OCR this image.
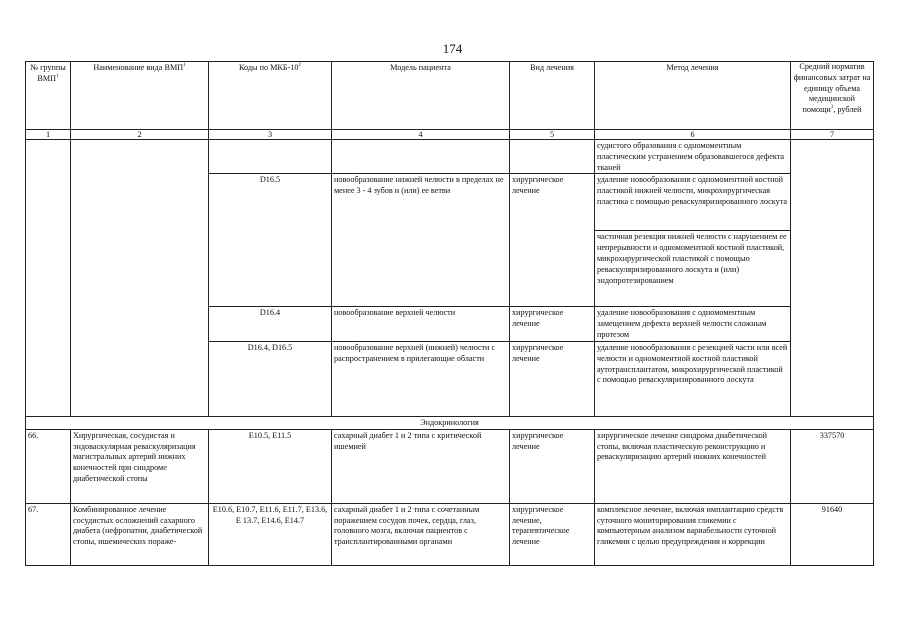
174
№ группы ВМП$^1$	Наименование вида ВМП$^1$	Коды по МКБ-$10^2$	Модель пациента	Вид лечения	Метод лечения	Средний норматив финансовых затрат на единицу объема медицинской помощи$^3$, рублей
1	2	3	4	5	6	7
					судистого образования с одномоментным пластическим устранением образовавшегося дефекта тканей	
		D16.5	новообразование нижней челюсти в пределах не менее 3 - 4 зубов и (или) ее ветви	хирургическое лечение	удаление новообразования с одномоментной костной пластикой нижней челюсти, микрохирургическая пластика с помощью реваскуляризированного лоскута	
					частичная резекция нижней челюсти с нарушением ее непрерывности и одномоментной костной пластикой, микрохирургической пластикой с помощью реваскуляризированного лоскута и (или) эндопротезированием	
		D16.4	новообразование верхней челюсти	хирургическое лечение	удаление новообразования с одномоментным замещением дефекта верхней челюсти сложным протезом	
		D16.4, D16.5	новообразование верхней (нижней) челюсти с распространением в прилегающие области	хирургическое лечение	удаление новообразования с резекцией части или всей челюсти и одномоментной костной пластикой аутотрансплантатом, микрохирургической пластикой с помощью реваскуляризированного лоскута	
Эндокринология						
66.	Хирургическая, сосудистая и эндоваскулярная реваскуляризация магистральных артерий нижних конечностей при синдроме диабетической стопы	E10.5, E11.5	сахарный диабет 1 и 2 типа с критической ишемией	хирургическое лечение	хирургическое лечение синдрома диабетической стопы, включая пластическую реконструкцию и реваскуляризацию артерий нижних конечностей	337570
67.	Комбинированное лечение сосудистых осложнений сахарного диабета (нефропатии, диабетической стопы, ишемических пораже-	E10.6, E10.7, E11.6, E11.7, E13.6, E 13.7, E14.6, E14.7	сахарный диабет 1 и 2 типа с сочетанным поражением сосудов почек, сердца, глаз, головного мозга, включая пациентов с трансплантированными органами	хирургическое лечение, терапевтическое лечение	комплексное лечение, включая имплантацию средств суточного мониторирования гликемии с компьютерным анализом вариабельности суточной гликемии с целью предупреждения и коррекции	91640
